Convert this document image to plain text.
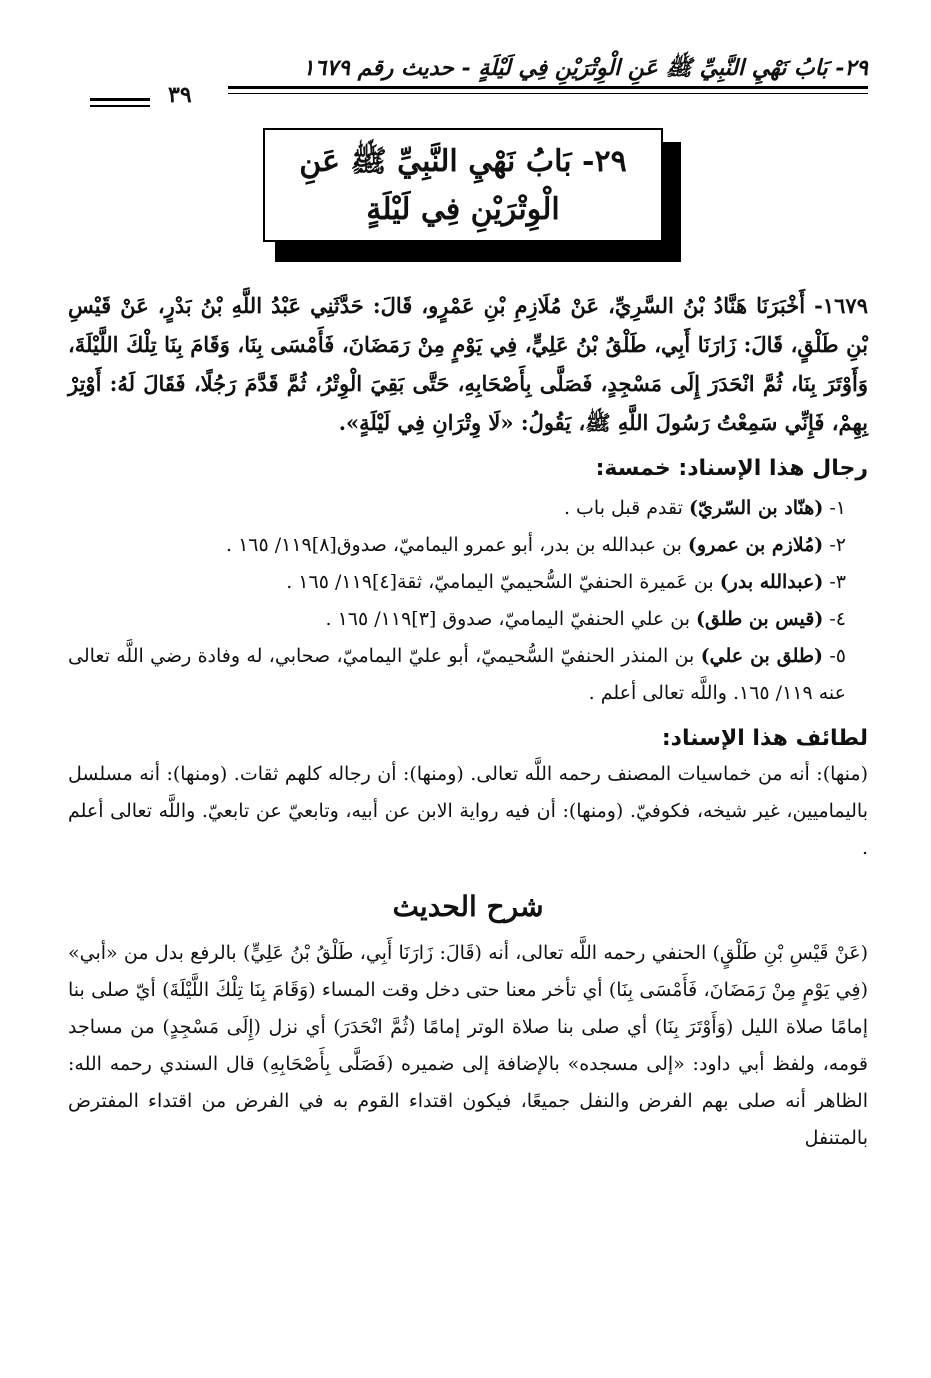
٢٩- بَابُ نَهْيِ النَّبِيِّ ﷺ عَنِ الْوِتْرَيْنِ فِي لَيْلَةٍ - حديث رقم ١٦٧٩
٣٩
٢٩- بَابُ نَهْيِ النَّبِيِّ ﷺ عَنِ
الْوِتْرَيْنِ فِي لَيْلَةٍ
١٦٧٩- أَخْبَرَنَا هَنَّادُ بْنُ السَّرِيِّ، عَنْ مُلَازِمِ بْنِ عَمْرٍو، قَالَ: حَدَّثَنِي عَبْدُ اللَّهِ بْنُ بَدْرٍ، عَنْ قَيْسِ بْنِ طَلْقٍ، قَالَ: زَارَنَا أَبِي، طَلْقُ بْنُ عَلِيٍّ، فِي يَوْمٍ مِنْ رَمَضَانَ، فَأَمْسَى بِنَا، وَقَامَ بِنَا تِلْكَ اللَّيْلَةَ، وَأَوْتَرَ بِنَا، ثُمَّ انْحَدَرَ إِلَى مَسْجِدٍ، فَصَلَّى بِأَصْحَابِهِ، حَتَّى بَقِيَ الْوِتْرُ، ثُمَّ قَدَّمَ رَجُلًا، فَقَالَ لَهُ: أَوْتِرْ بِهِمْ، فَإِنِّي سَمِعْتُ رَسُولَ اللَّهِ ﷺ، يَقُولُ: «لَا وِتْرَانِ فِي لَيْلَةٍ».
رجال هذا الإسناد: خمسة:
١- (هنّاد بن السّريّ) تقدم قبل باب .
٢- (مُلازم بن عمرو) بن عبدالله بن بدر، أبو عمرو اليماميّ، صدوق[٨]١١٩/ ١٦٥ .
٣- (عبدالله بدر) بن عَميرة الحنفيّ السُّحيميّ اليماميّ، ثقة[٤]١١٩/ ١٦٥ .
٤- (قيس بن طلق) بن علي الحنفيّ اليماميّ، صدوق [٣]١١٩/ ١٦٥ .
٥- (طلق بن علي) بن المنذر الحنفيّ السُّحيميّ، أبو عليّ اليماميّ، صحابي، له وفادة رضي اللَّه تعالى عنه ١١٩/ ١٦٥. واللَّه تعالى أعلم .
لطائف هذا الإسناد:
(منها): أنه من خماسيات المصنف رحمه اللَّه تعالى. (ومنها): أن رجاله كلهم ثقات. (ومنها): أنه مسلسل باليماميين، غير شيخه، فكوفيّ. (ومنها): أن فيه رواية الابن عن أبيه، وتابعيّ عن تابعيّ. واللَّه تعالى أعلم .
شرح الحديث
(عَنْ قَيْسِ بْنِ طَلْقٍ) الحنفي رحمه اللَّه تعالى، أنه (قَالَ: زَارَنَا أَبِي، طَلْقُ بْنُ عَلِيٍّ) بالرفع بدل من «أبي» (فِي يَوْمٍ مِنْ رَمَضَانَ، فَأَمْسَى بِنَا) أي تأخر معنا حتى دخل وقت المساء (وَقَامَ بِنَا تِلْكَ اللَّيْلَةَ) أيّ صلى بنا إمامًا صلاة الليل (وَأَوْتَرَ بِنَا) أي صلى بنا صلاة الوتر إمامًا (ثُمَّ انْحَدَرَ) أي نزل (إِلَى مَسْجِدٍ) من مساجد قومه، ولفظ أبي داود: «إلى مسجده» بالإضافة إلى ضميره (فَصَلَّى بِأَصْحَابِهِ) قال السندي رحمه الله: الظاهر أنه صلى بهم الفرض والنفل جميعًا، فيكون اقتداء القوم به في الفرض من اقتداء المفترض بالمتنفل
